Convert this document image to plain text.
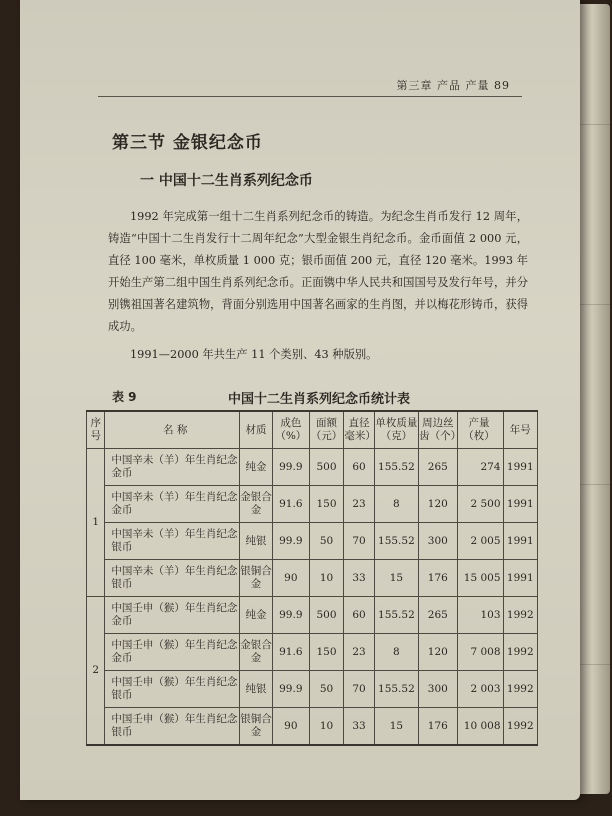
第三章 产品 产量 89
第三节 金银纪念币
一 中国十二生肖系列纪念币

1992 年完成第一组十二生肖系列纪念币的铸造。为纪念生肖币发行 12 周年，铸造“中国十二生肖发行十二周年纪念”大型金银生肖纪念币。金币面值 2 000 元，直径 100 毫米，单枚质量 1 000 克；银币面值 200 元，直径 120 毫米。1993 年开始生产第二组中国生肖系列纪念币。正面镌中华人民共和国国号及发行年号，并分别镌祖国著名建筑物，背面分别选用中国著名画家的生肖图，并以梅花形铸币，获得成功。

1991—2000 年共生产 11 个类别、43 种版别。

表 9	中国十二生肖系列纪念币统计表
序号	名 称	材质	成色（%）	面额（元）	直径毫米）	单枚质量（克）	周边丝齿（个）	产量（枚）	年号
1	中国辛未（羊）年生肖纪念金币	纯金	99.9	500	60	155.52	265	274	1991
	中国辛未（羊）年生肖纪念金币	金银合金	91.6	150	23	8	120	2 500	1991
	中国辛未（羊）年生肖纪念银币	纯银	99.9	50	70	155.52	300	2 005	1991
	中国辛未（羊）年生肖纪念银币	银铜合金	90	10	33	15	176	15 005	1991
2	中国壬申（猴）年生肖纪念金币	纯金	99.9	500	60	155.52	265	103	1992
	中国壬申（猴）年生肖纪念金币	金银合金	91.6	150	23	8	120	7 008	1992
	中国壬申（猴）年生肖纪念银币	纯银	99.9	50	70	155.52	300	2 003	1992
	中国壬申（猴）年生肖纪念银币	银铜合金	90	10	33	15	176	10 008	1992
